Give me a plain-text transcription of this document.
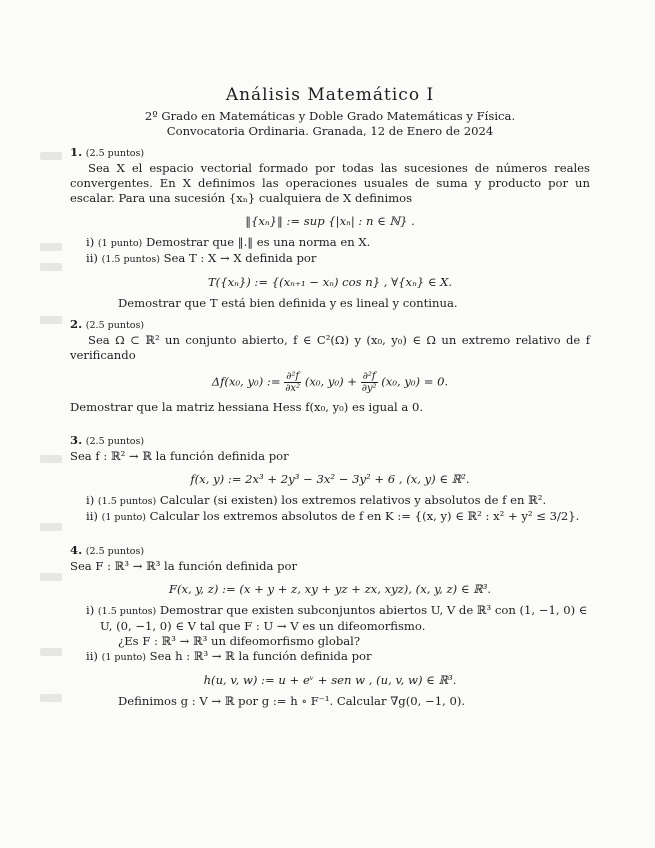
Análisis Matemático I
2º Grado en Matemáticas y Doble Grado Matemáticas y Física.
Convocatoria Ordinaria. Granada, 12 de Enero de 2024
1. (2.5 puntos)
Sea X el espacio vectorial formado por todas las sucesiones de números reales convergentes. En X definimos las operaciones usuales de suma y producto por un escalar. Para una sucesión {xₙ} cualquiera de X definimos
‖{xₙ}‖ := sup {|xₙ| : n ∈ ℕ} .
i) (1 punto) Demostrar que ‖.‖ es una norma en X.
ii) (1.5 puntos) Sea T : X → X definida por
T({xₙ}) := {(xₙ₊₁ − xₙ) cos n} , ∀{xₙ} ∈ X.
Demostrar que T está bien definida y es lineal y continua.
2. (2.5 puntos)
Sea Ω ⊂ ℝ² un conjunto abierto, f ∈ C²(Ω) y (x₀, y₀) ∈ Ω un extremo relativo de f verificando
Δf(x₀, y₀) := $\frac{\text{∂²f}}{\text{∂x²}} (x_0$, $y_0) + \frac{\text{∂²f}}{\text{∂y²}} (x_0$, y₀) = 0.
Demostrar que la matriz hessiana Hess f(x₀, y₀) es igual a 0.
3. (2.5 puntos)
Sea f : ℝ² → ℝ la función definida por
f(x, y) := 2x³ + 2y³ − 3x² − 3y² + 6 , (x, y) ∈ ℝ².
i) (1.5 puntos) Calcular (si existen) los extremos relativos y absolutos de f en ℝ².
ii) (1 punto) Calcular los extremos absolutos de f en K := {(x, y) ∈ ℝ² : x² + y² ≤ 3/2}.
4. (2.5 puntos)
Sea F : ℝ³ → ℝ³ la función definida por
F(x, y, z) := (x + y + z, xy + yz + zx, xyz), (x, y, z) ∈ ℝ³.
i) (1.5 puntos) Demostrar que existen subconjuntos abiertos U, V de ℝ³ con (1, −1, 0) ∈ U, (0, −1, 0) ∈ V tal que F : U → V es un difeomorfismo.
¿Es F : ℝ³ → ℝ³ un difeomorfismo global?
ii) (1 punto) Sea h : ℝ³ → ℝ la función definida por
h(u, v, w) := u + eᵛ + sen w , (u, v, w) ∈ ℝ³.
Definimos g : V → ℝ por g := h ∘ F⁻¹. Calcular ∇g(0, −1, 0).
